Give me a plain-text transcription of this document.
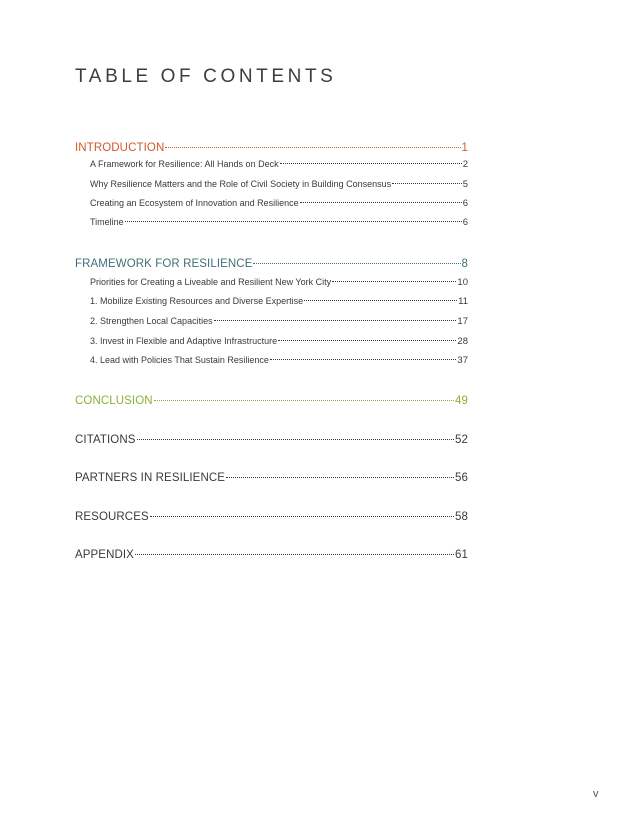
TABLE OF CONTENTS
INTRODUCTION	1
A Framework for Resilience: All Hands on Deck	2
Why Resilience Matters and the Role of Civil Society in Building Consensus	5
Creating an Ecosystem of Innovation and Resilience	6
Timeline	6
FRAMEWORK FOR RESILIENCE	8
Priorities for Creating a Liveable and Resilient New York City	10
1. Mobilize Existing Resources and Diverse Expertise	11
2. Strengthen Local Capacities	17
3. Invest in Flexible and Adaptive Infrastructure	28
4. Lead with Policies That Sustain Resilience	37
CONCLUSION	49
CITATIONS	52
PARTNERS IN RESILIENCE	56
RESOURCES	58
APPENDIX	61
v
